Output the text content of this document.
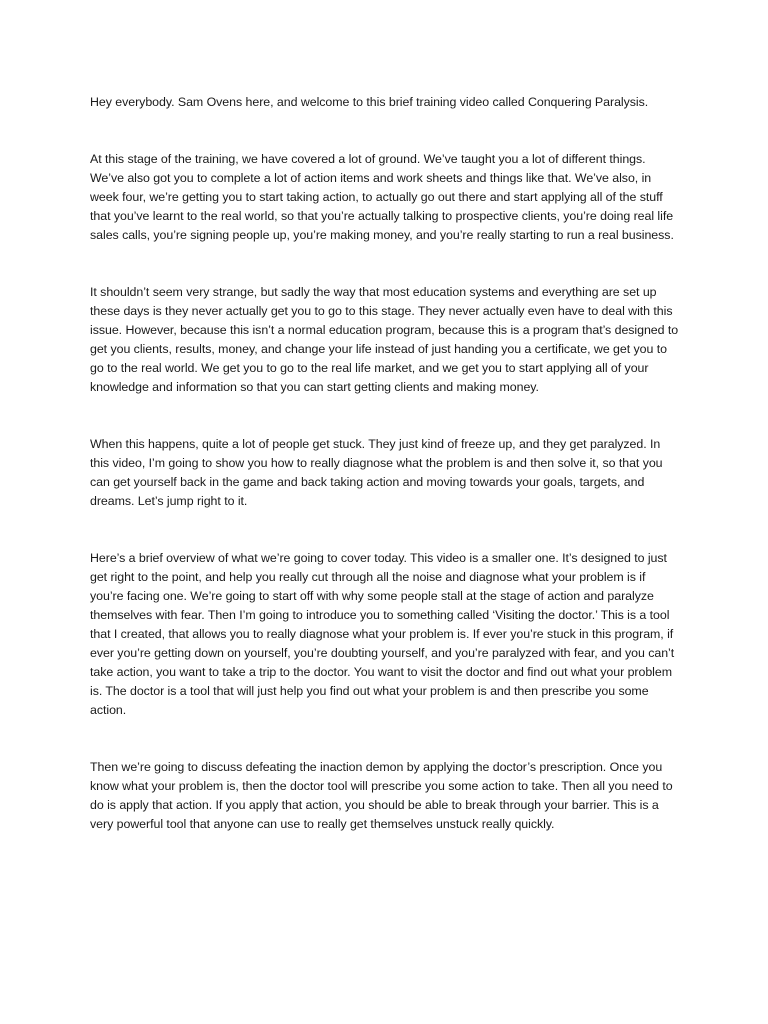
Hey everybody. Sam Ovens here, and welcome to this brief training video called Conquering Paralysis.

At this stage of the training, we have covered a lot of ground. We’ve taught you a lot of different things. We’ve also got you to complete a lot of action items and work sheets and things like that. We’ve also, in week four, we’re getting you to start taking action, to actually go out there and start applying all of the stuff that you’ve learnt to the real world, so that you’re actually talking to prospective clients, you’re doing real life sales calls, you’re signing people up, you’re making money, and you’re really starting to run a real business.

It shouldn’t seem very strange, but sadly the way that most education systems and everything are set up these days is they never actually get you to go to this stage. They never actually even have to deal with this issue. However, because this isn’t a normal education program, because this is a program that’s designed to get you clients, results, money, and change your life instead of just handing you a certificate, we get you to go to the real world. We get you to go to the real life market, and we get you to start applying all of your knowledge and information so that you can start getting clients and making money.

When this happens, quite a lot of people get stuck. They just kind of freeze up, and they get paralyzed. In this video, I’m going to show you how to really diagnose what the problem is and then solve it, so that you can get yourself back in the game and back taking action and moving towards your goals, targets, and dreams. Let’s jump right to it.

Here’s a brief overview of what we’re going to cover today. This video is a smaller one. It’s designed to just get right to the point, and help you really cut through all the noise and diagnose what your problem is if you’re facing one. We’re going to start off with why some people stall at the stage of action and paralyze themselves with fear. Then I’m going to introduce you to something called ‘Visiting the doctor.’ This is a tool that I created, that allows you to really diagnose what your problem is. If ever you’re stuck in this program, if ever you’re getting down on yourself, you’re doubting yourself, and you’re paralyzed with fear, and you can’t take action, you want to take a trip to the doctor. You want to visit the doctor and find out what your problem is. The doctor is a tool that will just help you find out what your problem is and then prescribe you some action.

Then we’re going to discuss defeating the inaction demon by applying the doctor’s prescription. Once you know what your problem is, then the doctor tool will prescribe you some action to take. Then all you need to do is apply that action. If you apply that action, you should be able to break through your barrier. This is a very powerful tool that anyone can use to really get themselves unstuck really quickly.
